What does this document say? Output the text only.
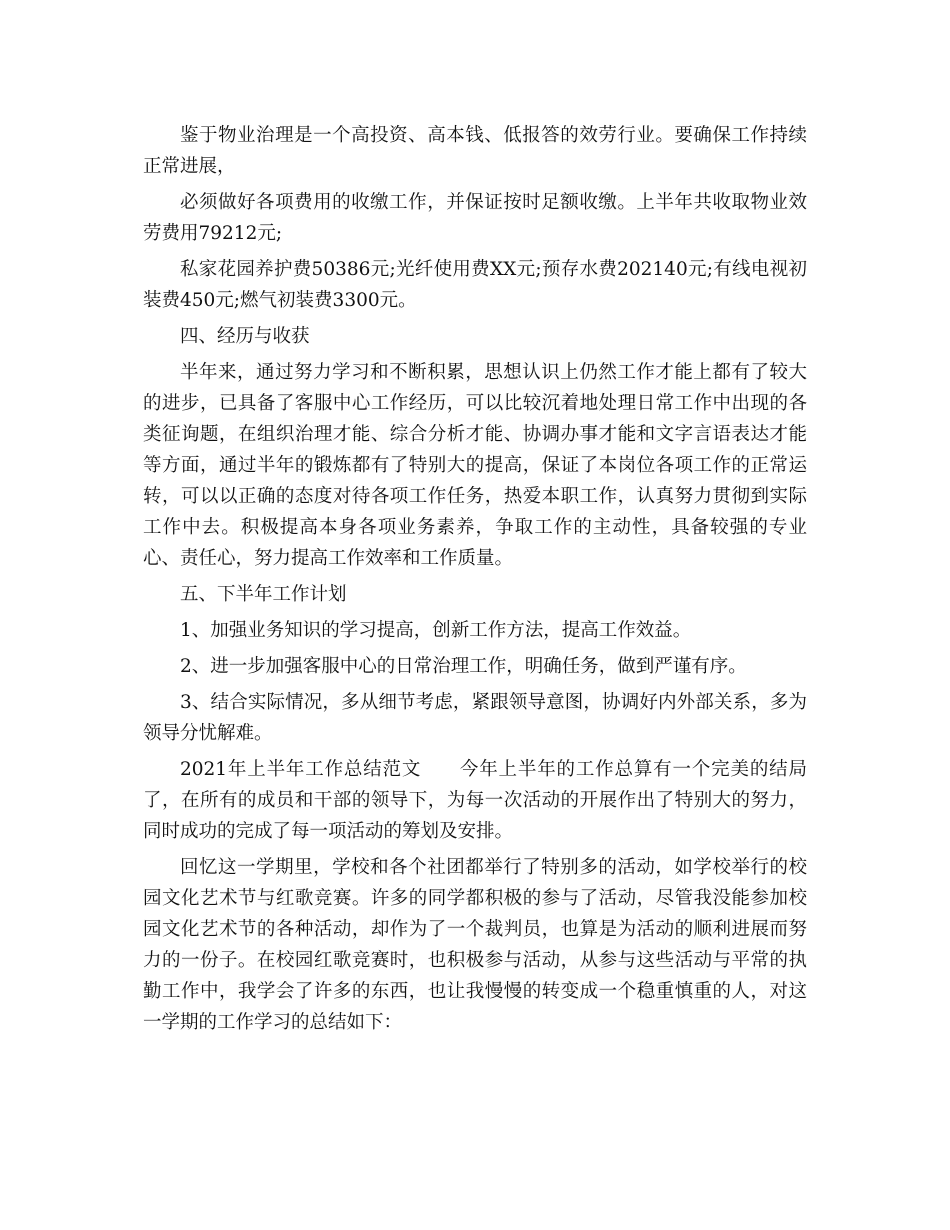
鉴于物业治理是一个高投资、高本钱、低报答的效劳行业。要确保工作持续正常进展，

必须做好各项费用的收缴工作，并保证按时足额收缴。上半年共收取物业效劳费用79212元;

私家花园养护费50386元;光纤使用费XX元;预存水费202140元;有线电视初装费450元;燃气初装费3300元。

四、经历与收获

半年来，通过努力学习和不断积累，思想认识上仍然工作才能上都有了较大的进步，已具备了客服中心工作经历，可以比较沉着地处理日常工作中出现的各类征询题，在组织治理才能、综合分析才能、协调办事才能和文字言语表达才能等方面，通过半年的锻炼都有了特别大的提高，保证了本岗位各项工作的正常运转，可以以正确的态度对待各项工作任务，热爱本职工作，认真努力贯彻到实际工作中去。积极提高本身各项业务素养，争取工作的主动性，具备较强的专业心、责任心，努力提高工作效率和工作质量。

五、下半年工作计划

1、加强业务知识的学习提高，创新工作方法，提高工作效益。

2、进一步加强客服中心的日常治理工作，明确任务，做到严谨有序。

3、结合实际情况，多从细节考虑，紧跟领导意图，协调好内外部关系，多为领导分忧解难。

2021年上半年工作总结范文　　今年上半年的工作总算有一个完美的结局了，在所有的成员和干部的领导下，为每一次活动的开展作出了特别大的努力，同时成功的完成了每一项活动的筹划及安排。

回忆这一学期里，学校和各个社团都举行了特别多的活动，如学校举行的校园文化艺术节与红歌竞赛。许多的同学都积极的参与了活动，尽管我没能参加校园文化艺术节的各种活动，却作为了一个裁判员，也算是为活动的顺利进展而努力的一份子。在校园红歌竞赛时，也积极参与活动，从参与这些活动与平常的执勤工作中，我学会了许多的东西，也让我慢慢的转变成一个稳重慎重的人，对这一学期的工作学习的总结如下：
